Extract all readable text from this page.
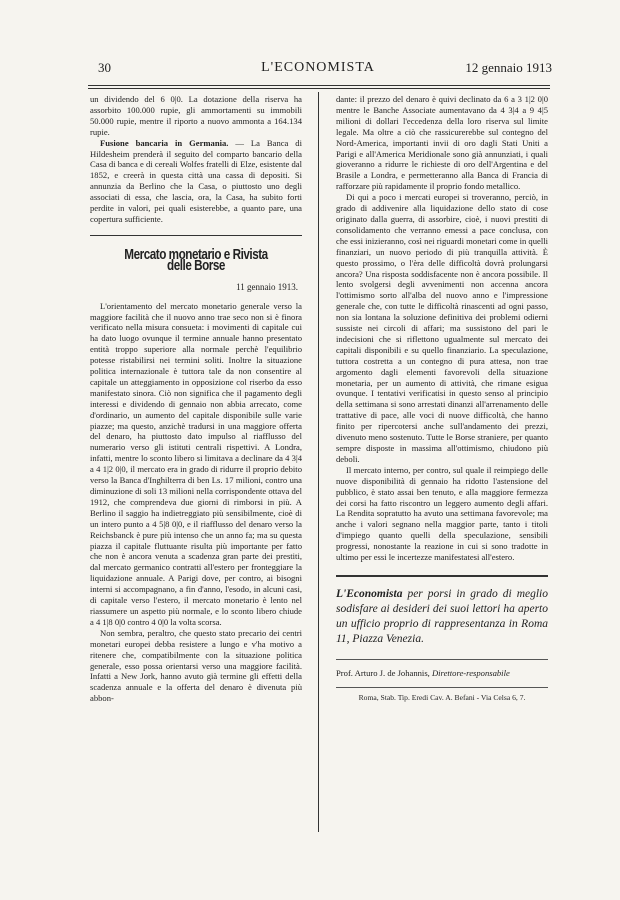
30	L'ECONOMISTA	12 gennaio 1913

un dividendo del 6 0|0. La dotazione della riserva ha assorbito 100.000 rupie, gli ammortamenti su immobili 50.000 rupie, mentre il riporto a nuovo ammonta a 164.134 rupie.

Fusione bancaria in Germania. — La Banca di Hildesheim prenderà il seguito del comparto bancario della Casa di banca e di cereali Wolfes fratelli di Elze, esistente dal 1852, e creerà in questa città una cassa di depositi. Si annunzia da Berlino che la Casa, o piuttosto uno degli associati di essa, che lascia, ora, la Casa, ha subito forti perdite in valori, pei quali esisterebbe, a quanto pare, una copertura sufficiente.

Mercato monetario e Rivista delle Borse
11 gennaio 1913.

L'orientamento del mercato monetario generale verso la maggiore facilità che il nuovo anno trae seco non si è finora verificato nella misura consueta: i movimenti di capitale cui ha dato luogo ovunque il termine annuale hanno presentato entità troppo superiore alla normale perchè l'equilibrio potesse ristabilirsi nei termini soliti. Inoltre la situazione politica internazionale è tuttora tale da non consentire al capitale un atteggiamento in opposizione col riserbo da esso manifestato sinora. Ciò non significa che il pagamento degli interessi e dividendo di gennaio non abbia arrecato, come d'ordinario, un aumento del capitale disponibile sulle varie piazze; ma questo, anzichè tradursi in una maggiore offerta del denaro, ha piuttosto dato impulso al riafflusso del numerario verso gli istituti centrali rispettivi. A Londra, infatti, mentre lo sconto libero si limitava a declinare da 4 3|4 a 4 1|2 0|0, il mercato era in grado di ridurre il proprio debito verso la Banca d'Inghilterra di ben Ls. 17 milioni, contro una diminuzione di soli 13 milioni nella corrispondente ottava del 1912, che comprendeva due giorni di rimborsi in più. A Berlino il saggio ha indietreggiato più sensibilmente, cioè di un intero punto a 4 5|8 0|0, e il riafflusso del denaro verso la Reichsbanck è pure più intenso che un anno fa; ma su questa piazza il capitale fluttuante risulta più importante per fatto che non è ancora venuta a scadenza gran parte dei prestiti, dal mercato germanico contratti all'estero per fronteggiare la liquidazione annuale. A Parigi dove, per contro, ai bisogni interni si accompagnano, a fin d'anno, l'esodo, in alcuni casi, di capitale verso l'estero, il mercato monetario è lento nel riassumere un aspetto più normale, e lo sconto libero chiude a 4 1|8 0|0 contro 4 0|0 la volta scorsa.

Non sembra, peraltro, che questo stato precario dei centri monetari europei debba resistere a lungo e v'ha motivo a ritenere che, compatibilmente con la situazione politica generale, esso possa orientarsi verso una maggiore facilità. Infatti a New Jork, hanno avuto già termine gli effetti della scadenza annuale e la offerta del denaro è divenuta più abbon-

dante: il prezzo del denaro è quivi declinato da 6 a 3 1|2 0|0 mentre le Banche Associate aumentavano da 4 3|4 a 9 4|5 milioni di dollari l'eccedenza della loro riserva sul limite legale. Ma oltre a ciò che rassicurerebbe sul contegno del Nord-America, importanti invii di oro dagli Stati Uniti a Parigi e all'America Meridionale sono già annunziati, i quali gioveranno a ridurre le richieste di oro dell'Argentina e del Brasile a Londra, e permetteranno alla Banca di Francia di rafforzare più rapidamente il proprio fondo metallico.

Di qui a poco i mercati europei si troveranno, perciò, in grado di addivenire alla liquidazione dello stato di cose originato dalla guerra, di assorbire, cioè, i nuovi prestiti di consolidamento che verranno emessi a pace conclusa, con che essi inizieranno, così nei riguardi monetari come in quelli finanziari, un nuovo periodo di più tranquilla attività. È questo prossimo, o l'èra delle difficoltà dovrà prolungarsi ancora? Una risposta soddisfacente non è ancora possibile. Il lento svolgersi degli avvenimenti non accenna ancora l'ottimismo sorto all'alba del nuovo anno e l'impressione generale che, con tutte le difficoltà rinascenti ad ogni passo, non sia lontana la soluzione definitiva dei problemi odierni sussiste nei circoli di affari; ma sussistono del pari le indecisioni che si riflettono ugualmente sul mercato dei capitali disponibili e su quello finanziario. La speculazione, tuttora costretta a un contegno di pura attesa, non trae argomento dagli elementi favorevoli della situazione monetaria, per un aumento di attività, che rimane esigua ovunque. I tentativi verificatisi in questo senso al principio della settimana si sono arrestati dinanzi all'arrenamento delle trattative di pace, alle voci di nuove difficoltà, che hanno finito per ripercotersi anche sull'andamento dei prezzi, divenuto meno sostenuto. Tutte le Borse straniere, per quanto sempre disposte in massima all'ottimismo, chiudono più deboli.

Il mercato interno, per contro, sul quale il reimpiego delle nuove disponibilità di gennaio ha ridotto l'astensione del pubblico, è stato assai ben tenuto, e alla maggiore fermezza dei corsi ha fatto riscontro un leggero aumento degli affari. La Rendita sopratutto ha avuto una settimana favorevole; ma anche i valori segnano nella maggior parte, tanto i titoli d'impiego quanto quelli della speculazione, sensibili progressi, nonostante la reazione in cui si sono tradotte in ultimo per essi le incertezze manifestatesi all'estero.

L'Economista per porsi in grado di meglio sodisfare ai desideri dei suoi lettori ha aperto un ufficio proprio di rappresentanza in Roma 11, Piazza Venezia.
Prof. Arturo J. de Johannis, Direttore-responsabile
Roma, Stab. Tip. Eredi Cav. A. Befani - Via Celsa 6, 7.
